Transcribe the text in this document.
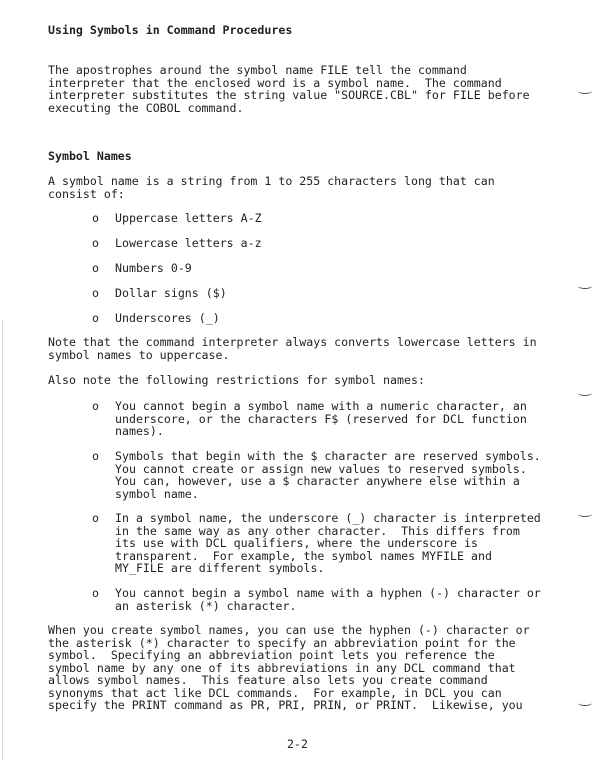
Using Symbols in Command Procedures
The apostrophes around the symbol name FILE tell the command
interpreter that the enclosed word is a symbol name.  The command
interpreter substitutes the string value "SOURCE.CBL" for FILE before
executing the COBOL command.
Symbol Names
A symbol name is a string from 1 to 255 characters long that can
consist of:
o Uppercase letters A-Z
o Lowercase letters a-z
o Numbers 0-9
o Dollar signs ($)
o Underscores (_)
Note that the command interpreter always converts lowercase letters in
symbol names to uppercase.
Also note the following restrictions for symbol names:
o You cannot begin a symbol name with a numeric character, an
underscore, or the characters F$ (reserved for DCL function
names).
o Symbols that begin with the $ character are reserved symbols.
You cannot create or assign new values to reserved symbols.
You can, however, use a $ character anywhere else within a
symbol name.
o In a symbol name, the underscore (_) character is interpreted
in the same way as any other character.  This differs from
its use with DCL qualifiers, where the underscore is
transparent.  For example, the symbol names MYFILE and
MY_FILE are different symbols.
o You cannot begin a symbol name with a hyphen (-) character or
an asterisk (*) character.
When you create symbol names, you can use the hyphen (-) character or
the asterisk (*) character to specify an abbreviation point for the
symbol.  Specifying an abbreviation point lets you reference the
symbol name by any one of its abbreviations in any DCL command that
allows symbol names.  This feature also lets you create command
synonyms that act like DCL commands.  For example, in DCL you can
specify the PRINT command as PR, PRI, PRIN, or PRINT.  Likewise, you
2-2
